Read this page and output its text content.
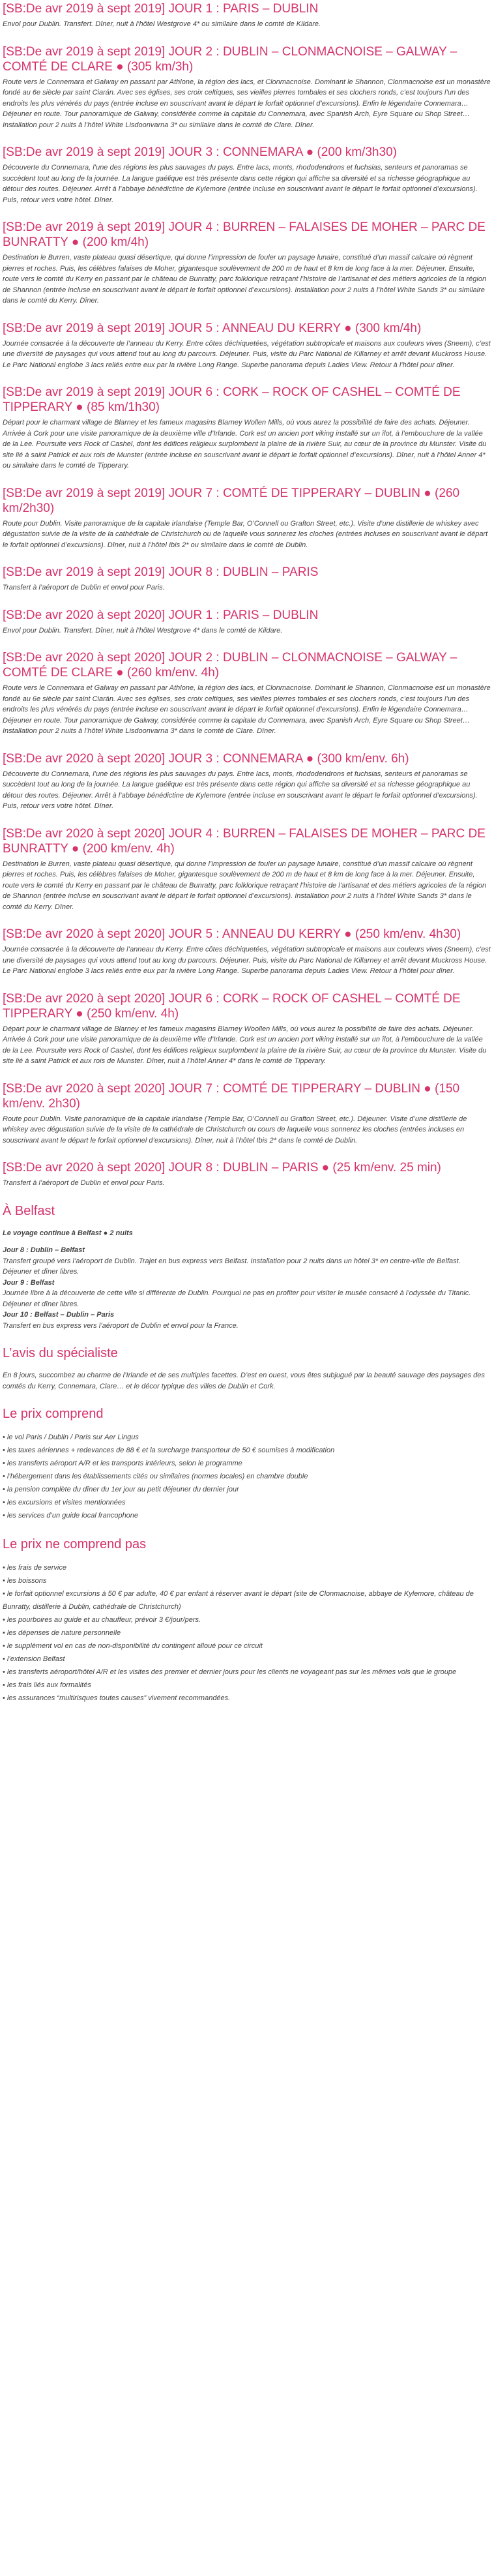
[SB:De avr 2019 à sept 2019] JOUR 1 : PARIS – DUBLIN

Envol pour Dublin. Transfert. Dîner, nuit à l’hôtel Westgrove 4* ou similaire dans le comté de Kildare.

[SB:De avr 2019 à sept 2019] JOUR 2 : DUBLIN – CLONMACNOISE – GALWAY – COMTÉ DE CLARE ● (305 km/3h)

Route vers le Connemara et Galway en passant par Athlone, la région des lacs, et Clonmacnoise. Dominant le Shannon, Clonmacnoise est un monastère fondé au 6e siècle par saint Ciarán. Avec ses églises, ses croix celtiques, ses vieilles pierres tombales et ses clochers ronds, c’est toujours l’un des endroits les plus vénérés du pays (entrée incluse en souscrivant avant le départ le forfait optionnel d’excursions). Enfin le légendaire Connemara… Déjeuner en route. Tour panoramique de Galway, considérée comme la capitale du Connemara, avec Spanish Arch, Eyre Square ou Shop Street… Installation pour 2 nuits à l’hôtel White Lisdoonvarna 3* ou similaire dans le comté de Clare. Dîner.

[SB:De avr 2019 à sept 2019] JOUR 3 : CONNEMARA ● (200 km/3h30)

Découverte du Connemara, l’une des régions les plus sauvages du pays. Entre lacs, monts, rhododendrons et fuchsias, senteurs et panoramas se succèdent tout au long de la journée. La langue gaélique est très présente dans cette région qui affiche sa diversité et sa richesse géographique au détour des routes. Déjeuner. Arrêt à l’abbaye bénédictine de Kylemore (entrée incluse en souscrivant avant le départ le forfait optionnel d’excursions). Puis, retour vers votre hôtel. Dîner.

[SB:De avr 2019 à sept 2019] JOUR 4 : BURREN – FALAISES DE MOHER – PARC DE BUNRATTY ● (200 km/4h)

Destination le Burren, vaste plateau quasi désertique, qui donne l’impression de fouler un paysage lunaire, constitué d’un massif calcaire où règnent pierres et roches. Puis, les célèbres falaises de Moher, gigantesque soulèvement de 200 m de haut et 8 km de long face à la mer. Déjeuner. Ensuite, route vers le comté du Kerry en passant par le château de Bunratty, parc folklorique retraçant l’histoire de l’artisanat et des métiers agricoles de la région de Shannon (entrée incluse en souscrivant avant le départ le forfait optionnel d’excursions). Installation pour 2 nuits à l’hôtel White Sands 3* ou similaire dans le comté du Kerry. Dîner.

[SB:De avr 2019 à sept 2019] JOUR 5 : ANNEAU DU KERRY ● (300 km/4h)

Journée consacrée à la découverte de l’anneau du Kerry. Entre côtes déchiquetées, végétation subtropicale et maisons aux couleurs vives (Sneem), c’est une diversité de paysages qui vous attend tout au long du parcours. Déjeuner. Puis, visite du Parc National de Killarney et arrêt devant Muckross House. Le Parc National englobe 3 lacs reliés entre eux par la rivière Long Range. Superbe panorama depuis Ladies View. Retour à l’hôtel pour dîner.

[SB:De avr 2019 à sept 2019] JOUR 6 : CORK – ROCK OF CASHEL – COMTÉ DE TIPPERARY ● (85 km/1h30)

Départ pour le charmant village de Blarney et les fameux magasins Blarney Wollen Mills, où vous aurez la possibilité de faire des achats. Déjeuner. Arrivée à Cork pour une visite panoramique de la deuxième ville d’Irlande. Cork est un ancien port viking installé sur un îlot, à l’embouchure de la vallée de la Lee. Poursuite vers Rock of Cashel, dont les édifices religieux surplombent la plaine de la rivière Suir, au cœur de la province du Munster. Visite du site lié à saint Patrick et aux rois de Munster (entrée incluse en souscrivant avant le départ le forfait optionnel d’excursions). Dîner, nuit à l’hôtel Anner 4* ou similaire dans le comté de Tipperary.

[SB:De avr 2019 à sept 2019] JOUR 7 : COMTÉ DE TIPPERARY – DUBLIN ● (260 km/2h30)

Route pour Dublin. Visite panoramique de la capitale irlandaise (Temple Bar, O’Connell ou Grafton Street, etc.). Visite d’une distillerie de whiskey avec dégustation suivie de la visite de la cathédrale de Christchurch ou de laquelle vous sonnerez les cloches (entrées incluses en souscrivant avant le départ le forfait optionnel d’excursions). Dîner, nuit à l’hôtel Ibis 2* ou similaire dans le comté de Dublin.

[SB:De avr 2019 à sept 2019] JOUR 8 : DUBLIN – PARIS

Transfert à l’aéroport de Dublin et envol pour Paris.

[SB:De avr 2020 à sept 2020] JOUR 1 : PARIS – DUBLIN

Envol pour Dublin. Transfert. Dîner, nuit à l’hôtel Westgrove 4* dans le comté de Kildare.

[SB:De avr 2020 à sept 2020] JOUR 2 : DUBLIN – CLONMACNOISE – GALWAY – COMTÉ DE CLARE ● (260 km/env. 4h)

Route vers le Connemara et Galway en passant par Athlone, la région des lacs, et Clonmacnoise. Dominant le Shannon, Clonmacnoise est un monastère fondé au 6e siècle par saint Ciarán. Avec ses églises, ses croix celtiques, ses vieilles pierres tombales et ses clochers ronds, c’est toujours l’un des endroits les plus vénérés du pays (entrée incluse en souscrivant avant le départ le forfait optionnel d’excursions). Enfin le légendaire Connemara… Déjeuner en route. Tour panoramique de Galway, considérée comme la capitale du Connemara, avec Spanish Arch, Eyre Square ou Shop Street… Installation pour 2 nuits à l’hôtel White Lisdoonvarna 3* dans le comté de Clare. Dîner.

[SB:De avr 2020 à sept 2020] JOUR 3 : CONNEMARA ● (300 km/env. 6h)

Découverte du Connemara, l’une des régions les plus sauvages du pays. Entre lacs, monts, rhododendrons et fuchsias, senteurs et panoramas se succèdent tout au long de la journée. La langue gaélique est très présente dans cette région qui affiche sa diversité et sa richesse géographique au détour des routes. Déjeuner. Arrêt à l’abbaye bénédictine de Kylemore (entrée incluse en souscrivant avant le départ le forfait optionnel d’excursions). Puis, retour vers votre hôtel. Dîner.

[SB:De avr 2020 à sept 2020] JOUR 4 : BURREN – FALAISES DE MOHER – PARC DE BUNRATTY ● (200 km/env. 4h)

Destination le Burren, vaste plateau quasi désertique, qui donne l’impression de fouler un paysage lunaire, constitué d’un massif calcaire où règnent pierres et roches. Puis, les célèbres falaises de Moher, gigantesque soulèvement de 200 m de haut et 8 km de long face à la mer. Déjeuner. Ensuite, route vers le comté du Kerry en passant par le château de Bunratty, parc folklorique retraçant l’histoire de l’artisanat et des métiers agricoles de la région de Shannon (entrée incluse en souscrivant avant le départ le forfait optionnel d’excursions). Installation pour 2 nuits à l’hôtel White Sands 3* dans le comté du Kerry. Dîner.

[SB:De avr 2020 à sept 2020] JOUR 5 : ANNEAU DU KERRY ● (250 km/env. 4h30)

Journée consacrée à la découverte de l’anneau du Kerry. Entre côtes déchiquetées, végétation subtropicale et maisons aux couleurs vives (Sneem), c’est une diversité de paysages qui vous attend tout au long du parcours. Déjeuner. Puis, visite du Parc National de Killarney et arrêt devant Muckross House. Le Parc National englobe 3 lacs reliés entre eux par la rivière Long Range. Superbe panorama depuis Ladies View. Retour à l’hôtel pour dîner.

[SB:De avr 2020 à sept 2020] JOUR 6 : CORK – ROCK OF CASHEL – COMTÉ DE TIPPERARY ● (250 km/env. 4h)

Départ pour le charmant village de Blarney et les fameux magasins Blarney Woollen Mills, où vous aurez la possibilité de faire des achats. Déjeuner. Arrivée à Cork pour une visite panoramique de la deuxième ville d’Irlande. Cork est un ancien port viking installé sur un îlot, à l’embouchure de la vallée de la Lee. Poursuite vers Rock of Cashel, dont les édifices religieux surplombent la plaine de la rivière Suir, au cœur de la province du Munster. Visite du site lié à saint Patrick et aux rois de Munster. Dîner, nuit à l’hôtel Anner 4* dans le comté de Tipperary.

[SB:De avr 2020 à sept 2020] JOUR 7 : COMTÉ DE TIPPERARY – DUBLIN ● (150 km/env. 2h30)

Route pour Dublin. Visite panoramique de la capitale irlandaise (Temple Bar, O’Connell ou Grafton Street, etc.). Déjeuner. Visite d’une distillerie de whiskey avec dégustation suivie de la visite de la cathédrale de Christchurch ou cours de laquelle vous sonnerez les cloches (entrées incluses en souscrivant avant le départ le forfait optionnel d’excursions). Dîner, nuit à l’hôtel Ibis 2* dans le comté de Dublin.

[SB:De avr 2020 à sept 2020] JOUR 8 : DUBLIN – PARIS ● (25 km/env. 25 min)

Transfert à l’aéroport de Dublin et envol pour Paris.

À Belfast

Le voyage continue à Belfast ● 2 nuits

Jour 8 : Dublin – Belfast
Transfert groupé vers l’aéroport de Dublin. Trajet en bus express vers Belfast. Installation pour 2 nuits dans un hôtel 3* en centre-ville de Belfast. Déjeuner et dîner libres.
Jour 9 : Belfast
Journée libre à la découverte de cette ville si différente de Dublin. Pourquoi ne pas en profiter pour visiter le musée consacré à l’odyssée du Titanic. Déjeuner et dîner libres.
Jour 10 : Belfast – Dublin – Paris
Transfert en bus express vers l’aéroport de Dublin et envol pour la France.

L’avis du spécialiste

En 8 jours, succombez au charme de l’Irlande et de ses multiples facettes. D’est en ouest, vous êtes subjugué par la beauté sauvage des paysages des comtés du Kerry, Connemara, Clare… et le décor typique des villes de Dublin et Cork.

Le prix comprend
• le vol Paris / Dublin / Paris sur Aer Lingus
• les taxes aériennes + redevances de 88 € et la surcharge transporteur de 50 € soumises à modification
• les transferts aéroport A/R et les transports intérieurs, selon le programme
• l’hébergement dans les établissements cités ou similaires (normes locales) en chambre double
• la pension complète du dîner du 1er jour au petit déjeuner du dernier jour
• les excursions et visites mentionnées
• les services d’un guide local francophone
Le prix ne comprend pas
• les frais de service
• les boissons
• le forfait optionnel excursions à 50 € par adulte, 40 € par enfant à réserver avant le départ (site de Clonmacnoise, abbaye de Kylemore, château de Bunratty, distillerie à Dublin, cathédrale de Christchurch)
• les pourboires au guide et au chauffeur, prévoir 3 €/jour/pers.
• les dépenses de nature personnelle
• le supplément vol en cas de non-disponibilité du contingent alloué pour ce circuit
• l’extension Belfast
• les transferts aéroport/hôtel A/R et les visites des premier et dernier jours pour les clients ne voyageant pas sur les mêmes vols que le groupe
• les frais liés aux formalités
• les assurances “multirisques toutes causes” vivement recommandées.
